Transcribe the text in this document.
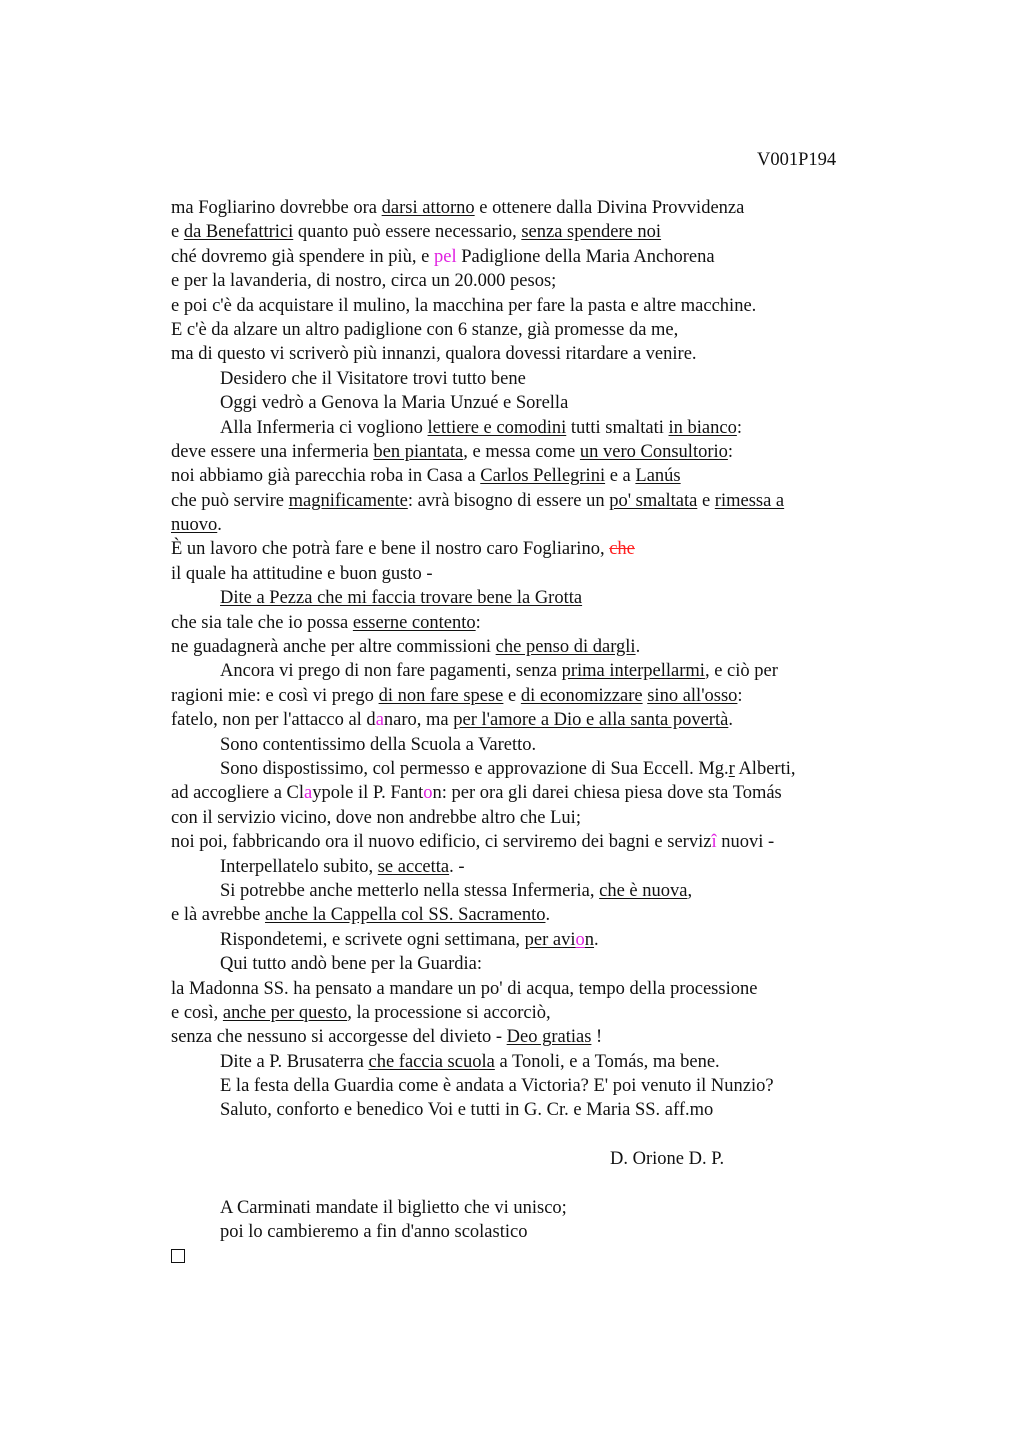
V001P194
ma Fogliarino dovrebbe ora darsi attorno e ottenere dalla Divina Provvidenza
e da Benefattrici quanto può essere necessario, senza spendere noi
ché dovremo già spendere in più, e pel Padiglione della Maria Anchorena
e per la lavanderia, di nostro, circa un 20.000 pesos;
e poi c'è da acquistare il mulino, la macchina per fare la pasta e altre macchine.
E c'è da alzare un altro padiglione con 6 stanze, già promesse da me,
ma di questo vi scriverò più innanzi, qualora dovessi ritardare a venire.
Desidero che il Visitatore trovi tutto bene
Oggi vedrò a Genova la Maria Unzué e Sorella
Alla Infermeria ci vogliono lettiere e comodini tutti smaltati in bianco:
deve essere una infermeria ben piantata, e messa come un vero Consultorio:
noi abbiamo già parecchia roba in Casa a Carlos Pellegrini e a Lanús
che può servire magnificamente: avrà bisogno di essere un po' smaltata e rimessa a
nuovo.
È un lavoro che potrà fare e bene il nostro caro Fogliarino, che
il quale ha attitudine e buon gusto -
Dite a Pezza che mi faccia trovare bene la Grotta
che sia tale che io possa esserne contento:
ne guadagnerà anche per altre commissioni che penso di dargli.
Ancora vi prego di non fare pagamenti, senza prima interpellarmi, e ciò per
ragioni mie: e così vi prego di non fare spese e di economizzare sino all'osso:
fatelo, non per l'attacco al danaro, ma per l'amore a Dio e alla santa povertà.
Sono contentissimo della Scuola a Varetto.
Sono dispostissimo, col permesso e approvazione di Sua Eccell. Mg.r Alberti,
ad accogliere a Claypole il P. Fanton: per ora gli darei chiesa piesa dove sta Tomás
con il servizio vicino, dove non andrebbe altro che Lui;
noi poi, fabbricando ora il nuovo edificio, ci serviremo dei bagni e servizî nuovi -
Interpellatelo subito, se accetta. -
Si potrebbe anche metterlo nella stessa Infermeria, che è nuova,
e là avrebbe anche la Cappella col SS. Sacramento.
Rispondetemi, e scrivete ogni settimana, per avion.
Qui tutto andò bene per la Guardia:
la Madonna SS. ha pensato a mandare un po' di acqua, tempo della processione
e così, anche per questo, la processione si accorciò,
senza che nessuno si accorgesse del divieto - Deo gratias !
Dite a P. Brusaterra che faccia scuola a Tonoli, e a Tomás, ma bene.
E la festa della Guardia come è andata a Victoria? E' poi venuto il Nunzio?
Saluto, conforto e benedico Voi e tutti in G. Cr. e Maria SS. aff.mo
D. Orione D. P.
A Carminati mandate il biglietto che vi unisco;
poi lo cambieremo a fin d'anno scolastico
